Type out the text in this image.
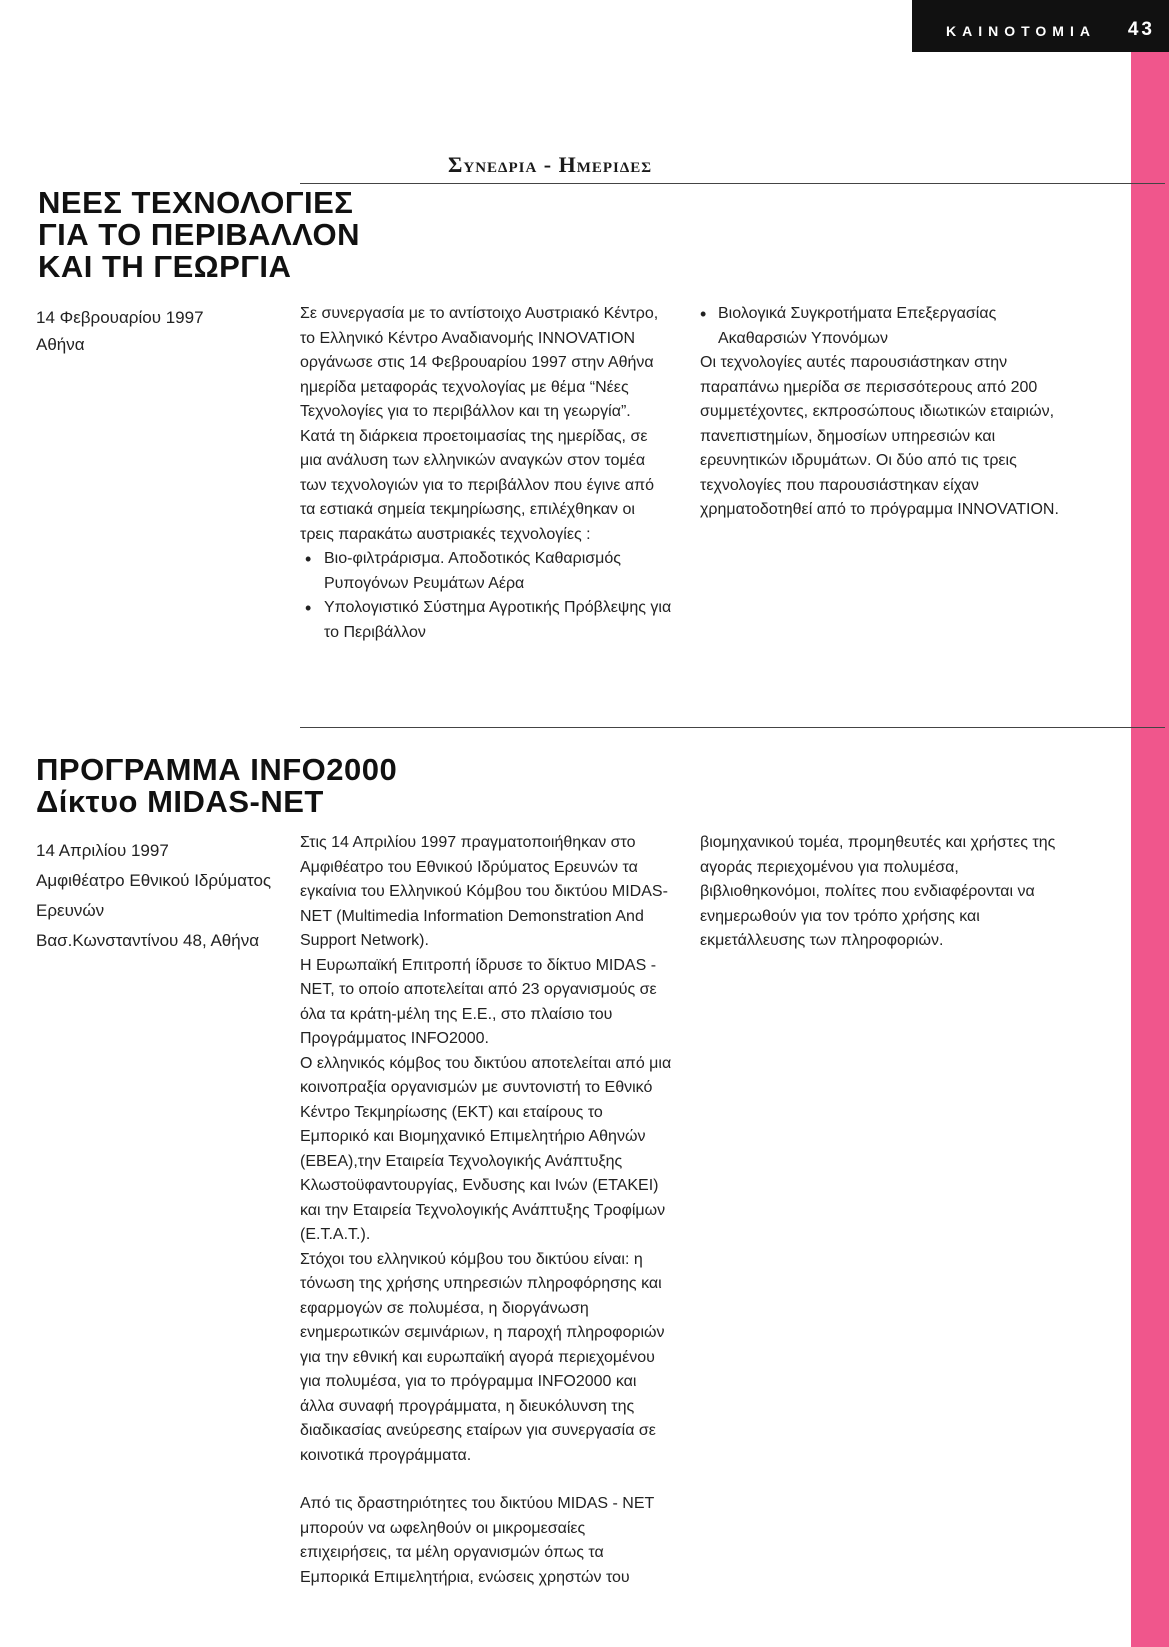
ΚΑΙΝΟΤΟΜΙΑ 43
Συνεδρια - Ημεριδεσ
ΝΕΕΣ ΤΕΧΝΟΛΟΓΙΕΣ
ΓΙΑ ΤΟ ΠΕΡΙΒΑΛΛΟΝ
ΚΑΙ ΤΗ ΓΕΩΡΓΙΑ
14 Φεβρουαρίου 1997
Αθήνα

Σε συνεργασία με το αντίστοιχο Αυστριακό Κέντρο, το Ελληνικό Κέντρο Αναδιανομής INNOVATION οργάνωσε στις 14 Φεβρουαρίου 1997 στην Αθήνα ημερίδα μεταφοράς τεχνολογίας με θέμα “Νέες Τεχνολογίες για το περιβάλλον και τη γεωργία”.

Κατά τη διάρκεια προετοιμασίας της ημερίδας, σε μια ανάλυση των ελληνικών αναγκών στον τομέα των τεχνολογιών για το περιβάλλον που έγινε από τα εστιακά σημεία τεκμηρίωσης, επιλέχθηκαν οι τρεις παρακάτω αυστριακές τεχνολογίες :

• Βιο-φιλτράρισμα. Αποδοτικός Καθαρισμός Ρυπογόνων Ρευμάτων Αέρα

• Υπολογιστικό Σύστημα Αγροτικής Πρόβλεψης για το Περιβάλλον

• Βιολογικά Συγκροτήματα Επεξεργασίας Ακαθαρσιών Υπονόμων

Οι τεχνολογίες αυτές παρουσιάστηκαν στην παραπάνω ημερίδα σε περισσότερους από 200 συμμετέχοντες, εκπροσώπους ιδιωτικών εταιριών, πανεπιστημίων, δημοσίων υπηρεσιών και ερευνητικών ιδρυμάτων. Οι δύο από τις τρεις τεχνολογίες που παρουσιάστηκαν είχαν χρηματοδοτηθεί από το πρόγραμμα INNOVATION.

ΠΡΟΓΡΑΜΜΑ INFO2000
Δίκτυο MIDAS-NET
14 Απριλίου 1997
Αμφιθέατρο Εθνικού Ιδρύματος
Ερευνών
Βασ.Κωνσταντίνου 48, Αθήνα

Στις 14 Απριλίου 1997 πραγματοποιήθηκαν στο Αμφιθέατρο του Εθνικού Ιδρύματος Ερευνών τα εγκαίνια του Ελληνικού Κόμβου του δικτύου MIDAS-NET (Multimedia Information Demonstration And Support Network).

Η Ευρωπαϊκή Επιτροπή ίδρυσε το δίκτυο MIDAS -NET, το οποίο αποτελείται από 23 οργανισμούς σε όλα τα κράτη-μέλη της Ε.Ε., στο πλαίσιο του Προγράμματος INFO2000.

Ο ελληνικός κόμβος του δικτύου αποτελείται από μια κοινοπραξία οργανισμών με συντονιστή το Εθνικό Κέντρο Τεκμηρίωσης (ΕΚΤ) και εταίρους το Εμπορικό και Βιομηχανικό Επιμελητήριο Αθηνών (ΕΒΕΑ),την Εταιρεία Τεχνολογικής Ανάπτυξης Κλωστοϋφαντουργίας, Ενδυσης και Ινών (ΕΤΑΚΕΙ) και την Εταιρεία Τεχνολογικής Ανάπτυξης Τροφίμων (Ε.Τ.Α.Τ.).

Στόχοι του ελληνικού κόμβου του δικτύου είναι: η τόνωση της χρήσης υπηρεσιών πληροφόρησης και εφαρμογών σε πολυμέσα, η διοργάνωση ενημερωτικών σεμινάριων, η παροχή πληροφοριών για την εθνική και ευρωπαϊκή αγορά περιεχομένου για πολυμέσα, για το πρόγραμμα INFO2000 και άλλα συναφή προγράμματα, η διευκόλυνση της διαδικασίας ανεύρεσης εταίρων για συνεργασία σε κοινοτικά προγράμματα.

Από τις δραστηριότητες του δικτύου MIDAS - NET μπορούν να ωφεληθούν οι μικρομεσαίες επιχειρήσεις, τα μέλη οργανισμών όπως τα Εμπορικά Επιμελητήρια, ενώσεις χρηστών του

βιομηχανικού τομέα, προμηθευτές και χρήστες της αγοράς περιεχομένου για πολυμέσα, βιβλιοθηκονόμοι, πολίτες που ενδιαφέρονται να ενημερωθούν για τον τρόπο χρήσης και εκμετάλλευσης των πληροφοριών.
